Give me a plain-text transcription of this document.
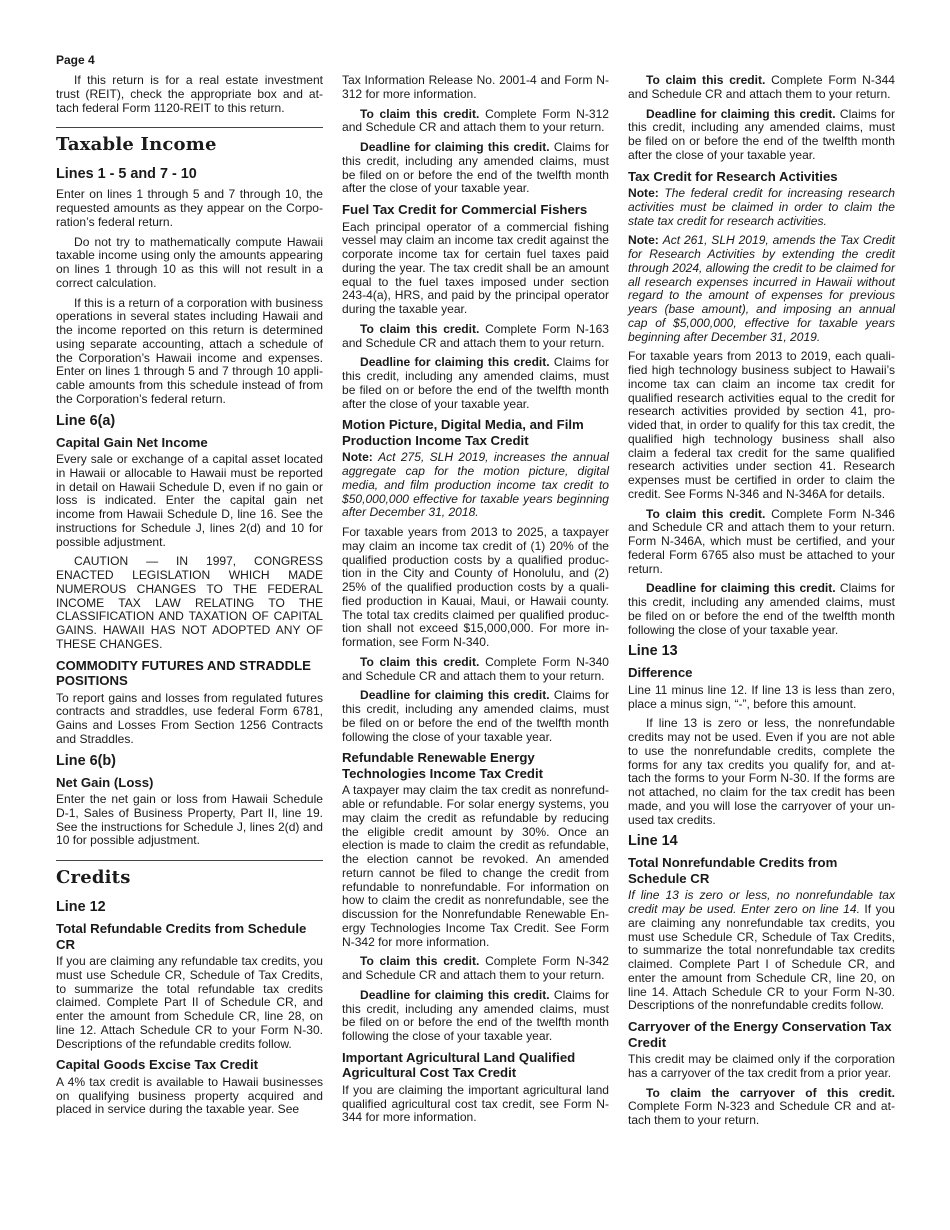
Page 4

If this return is for a real estate investment trust (REIT), check the appropriate box and attach federal Form 1120-REIT to this return.

Taxable Income
Lines 1 - 5 and 7 - 10

Enter on lines 1 through 5 and 7 through 10, the requested amounts as they appear on the Corporation’s federal return.

Do not try to mathematically compute Hawaii taxable income using only the amounts appearing on lines 1 through 10 as this will not result in a correct calculation.

If this is a return of a corporation with business operations in several states including Hawaii and the income reported on this return is determined using separate accounting, attach a schedule of the Corporation’s Hawaii income and expenses. Enter on lines 1 through 5 and 7 through 10 applicable amounts from this schedule instead of from the Corporation’s federal return.

Line 6(a)
Capital Gain Net Income

Every sale or exchange of a capital asset located in Hawaii or allocable to Hawaii must be reported in detail on Hawaii Schedule D, even if no gain or loss is indicated. Enter the capital gain net income from Hawaii Schedule D, line 16. See the instructions for Schedule J, lines 2(d) and 10 for possible adjustment.

CAUTION — IN 1997, CONGRESS ENACTED LEGISLATION WHICH MADE NUMEROUS CHANGES TO THE FEDERAL INCOME TAX LAW RELATING TO THE CLASSIFICATION AND TAXATION OF CAPITAL GAINS. HAWAII HAS NOT ADOPTED ANY OF THESE CHANGES.

COMMODITY FUTURES AND STRADDLE POSITIONS

To report gains and losses from regulated futures contracts and straddles, use federal Form 6781, Gains and Losses From Section 1256 Contracts and Straddles.

Line 6(b)
Net Gain (Loss)

Enter the net gain or loss from Hawaii Schedule D-1, Sales of Business Property, Part II, line 19. See the instructions for Schedule J, lines 2(d) and 10 for possible adjustment.

Credits
Line 12
Total Refundable Credits from Schedule CR

If you are claiming any refundable tax credits, you must use Schedule CR, Schedule of Tax Credits, to summarize the total refundable tax credits claimed. Complete Part II of Schedule CR, and enter the amount from Schedule CR, line 28, on line 12. Attach Schedule CR to your Form N-30. Descriptions of the refundable credits follow.

Capital Goods Excise Tax Credit

A 4% tax credit is available to Hawaii businesses on qualifying business property acquired and placed in service during the taxable year. See

Tax Information Release No. 2001-4 and Form N-312 for more information.

To claim this credit. Complete Form N-312 and Schedule CR and attach them to your return.

Deadline for claiming this credit. Claims for this credit, including any amended claims, must be filed on or before the end of the twelfth month after the close of your taxable year.

Fuel Tax Credit for Commercial Fishers

Each principal operator of a commercial fishing vessel may claim an income tax credit against the corporate income tax for certain fuel taxes paid during the year. The tax credit shall be an amount equal to the fuel taxes imposed under section 243-4(a), HRS, and paid by the principal operator during the taxable year.

To claim this credit. Complete Form N-163 and Schedule CR and attach them to your return.

Deadline for claiming this credit. Claims for this credit, including any amended claims, must be filed on or before the end of the twelfth month after the close of your taxable year.

Motion Picture, Digital Media, and Film Production Income Tax Credit

Note: Act 275, SLH 2019, increases the annual aggregate cap for the motion picture, digital media, and film production income tax credit to $50,000,000 effective for taxable years beginning after December 31, 2018.

For taxable years from 2013 to 2025, a taxpayer may claim an income tax credit of (1) 20% of the qualified production costs by a qualified production in the City and County of Honolulu, and (2) 25% of the qualified production costs by a qualified production in Kauai, Maui, or Hawaii county. The total tax credits claimed per qualified production shall not exceed $15,000,000. For more information, see Form N-340.

To claim this credit. Complete Form N-340 and Schedule CR and attach them to your return.

Deadline for claiming this credit. Claims for this credit, including any amended claims, must be filed on or before the end of the twelfth month following the close of your taxable year.

Refundable Renewable Energy Technologies Income Tax Credit

A taxpayer may claim the tax credit as nonrefundable or refundable. For solar energy systems, you may claim the credit as refundable by reducing the eligible credit amount by 30%. Once an election is made to claim the credit as refundable, the election cannot be revoked. An amended return cannot be filed to change the credit from refundable to nonrefundable. For information on how to claim the credit as nonrefundable, see the discussion for the Nonrefundable Renewable Energy Technologies Income Tax Credit. See Form N-342 for more information.

To claim this credit. Complete Form N-342 and Schedule CR and attach them to your return.

Deadline for claiming this credit. Claims for this credit, including any amended claims, must be filed on or before the end of the twelfth month following the close of your taxable year.

Important Agricultural Land Qualified Agricultural Cost Tax Credit

If you are claiming the important agricultural land qualified agricultural cost tax credit, see Form N-344 for more information.

To claim this credit. Complete Form N-344 and Schedule CR and attach them to your return.

Deadline for claiming this credit. Claims for this credit, including any amended claims, must be filed on or before the end of the twelfth month after the close of your taxable year.

Tax Credit for Research Activities

Note: The federal credit for increasing research activities must be claimed in order to claim the state tax credit for research activities.

Note: Act 261, SLH 2019, amends the Tax Credit for Research Activities by extending the credit through 2024, allowing the credit to be claimed for all research expenses incurred in Hawaii without regard to the amount of expenses for previous years (base amount), and imposing an annual cap of $5,000,000, effective for taxable years beginning after December 31, 2019.

For taxable years from 2013 to 2019, each qualified high technology business subject to Hawaii’s income tax can claim an income tax credit for qualified research activities equal to the credit for research activities provided by section 41, provided that, in order to qualify for this tax credit, the qualified high technology business shall also claim a federal tax credit for the same qualified research activities under section 41. Research expenses must be certified in order to claim the credit. See Forms N-346 and N-346A for details.

To claim this credit. Complete Form N-346 and Schedule CR and attach them to your return. Form N-346A, which must be certified, and your federal Form 6765 also must be attached to your return.

Deadline for claiming this credit. Claims for this credit, including any amended claims, must be filed on or before the end of the twelfth month following the close of your taxable year.

Line 13
Difference

Line 11 minus line 12. If line 13 is less than zero, place a minus sign, “-”, before this amount.

If line 13 is zero or less, the nonrefundable credits may not be used. Even if you are not able to use the nonrefundable credits, complete the forms for any tax credits you qualify for, and attach the forms to your Form N-30. If the forms are not attached, no claim for the tax credit has been made, and you will lose the carryover of your unused tax credits.

Line 14
Total Nonrefundable Credits from Schedule CR

If line 13 is zero or less, no nonrefundable tax credit may be used. Enter zero on line 14. If you are claiming any nonrefundable tax credits, you must use Schedule CR, Schedule of Tax Credits, to summarize the total nonrefundable tax credits claimed. Complete Part I of Schedule CR, and enter the amount from Schedule CR, line 20, on line 14. Attach Schedule CR to your Form N-30. Descriptions of the nonrefundable credits follow.

Carryover of the Energy Conservation Tax Credit

This credit may be claimed only if the corporation has a carryover of the tax credit from a prior year.

To claim the carryover of this credit. Complete Form N-323 and Schedule CR and attach them to your return.
